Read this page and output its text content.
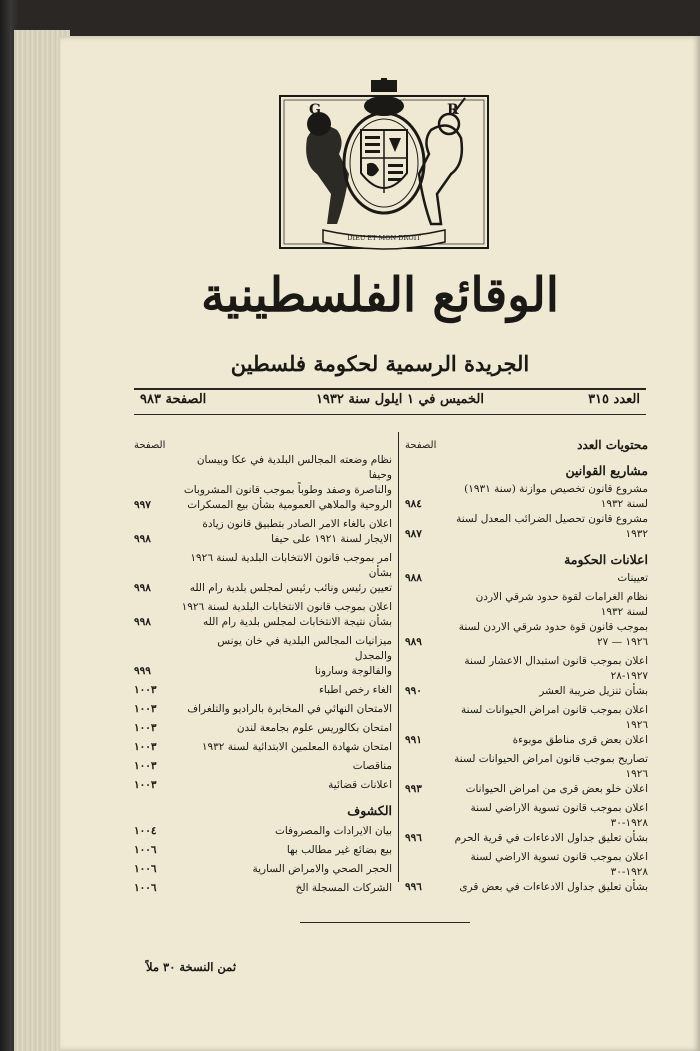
G	R
DIEU ET MON DROIT
الوقائع الفلسطينية
الجريدة الرسمية لحكومة فلسطين
العدد ٣١٥
الخميس في ١ ايلول سنة ١٩٣٢
الصفحة ٩٨٣
محتويات العدد
الصفحة
مشاريع القوانين
مشروع قانون تخصيص موازنة (سنة ١٩٣١)
لسنة ١٩٣٢
٩٨٤
مشروع قانون تحصيل الضرائب المعدل لسنة ١٩٣٢
٩٨٧
اعلانات الحكومة
تعيينات
٩٨٨
نظام الغرامات لقوة حدود شرقي الاردن لسنة ١٩٣٢
بموجب قانون قوة حدود شرقي الاردن لسنة
١٩٢٦ — ٢٧
٩٨٩
اعلان بموجب قانون استبدال الاعشار لسنة ١٩٢٧-٢٨
بشأن تنزيل ضريبة العشر
٩٩٠
اعلان بموجب قانون امراض الحيوانات لسنة ١٩٢٦
اعلان بعض قرى مناطق موبوءة
٩٩١
تصاريح بموجب قانون امراض الحيوانات لسنة ١٩٢٦
اعلان خلو بعض قرى من امراض الحيوانات
٩٩٣
اعلان بموجب قانون تسوية الاراضي لسنة ١٩٢٨-٣٠
بشأن تعليق جداول الادعاءات في قرية الحرم
٩٩٦
اعلان بموجب قانون تسوية الاراضي لسنة ١٩٢٨-٣٠
بشأن تعليق جداول الادعاءات في بعض قرى
٩٩٦
الصفحة
نظام وضعته المجالس البلدية في عكا وبيسان وحيفا
والناصرة وصفد وطوباً بموجب قانون المشروبات
الروحية والملاهي العمومية بشأن بيع المسكرات
٩٩٧
اعلان بالغاء الامر الصادر بتطبيق قانون زيادة
الايجار لسنة ١٩٢١ على حيفا
٩٩٨
امر بموجب قانون الانتخابات البلدية لسنة ١٩٢٦ بشأن
تعيين رئيس ونائب رئيس لمجلس بلدية رام الله
٩٩٨
اعلان بموجب قانون الانتخابات البلدية لسنة ١٩٢٦
بشأن نتيجة الانتخابات لمجلس بلدية رام الله
٩٩٨
ميزانيات المجالس البلدية في خان يونس والمجدل
والفالوجة وسارونا
٩٩٩
الغاء رخص اطباء
١٠٠٣
الامتحان النهائي في المخابرة بالراديو والتلغراف
١٠٠٣
امتحان بكالوريس علوم بجامعة لندن
١٠٠٣
امتحان شهادة المعلمين الابتدائية لسنة ١٩٣٢
١٠٠٣
مناقصات
١٠٠٣
اعلانات قضائية
١٠٠٣
الكشوف
بيان الايرادات والمصروفات
١٠٠٤
بيع بضائع غير مطالب بها
١٠٠٦
الحجر الصحي والامراض السارية
١٠٠٦
الشركات المسجلة الخ
١٠٠٦
ثمن النسخة ٣٠ ملاً
